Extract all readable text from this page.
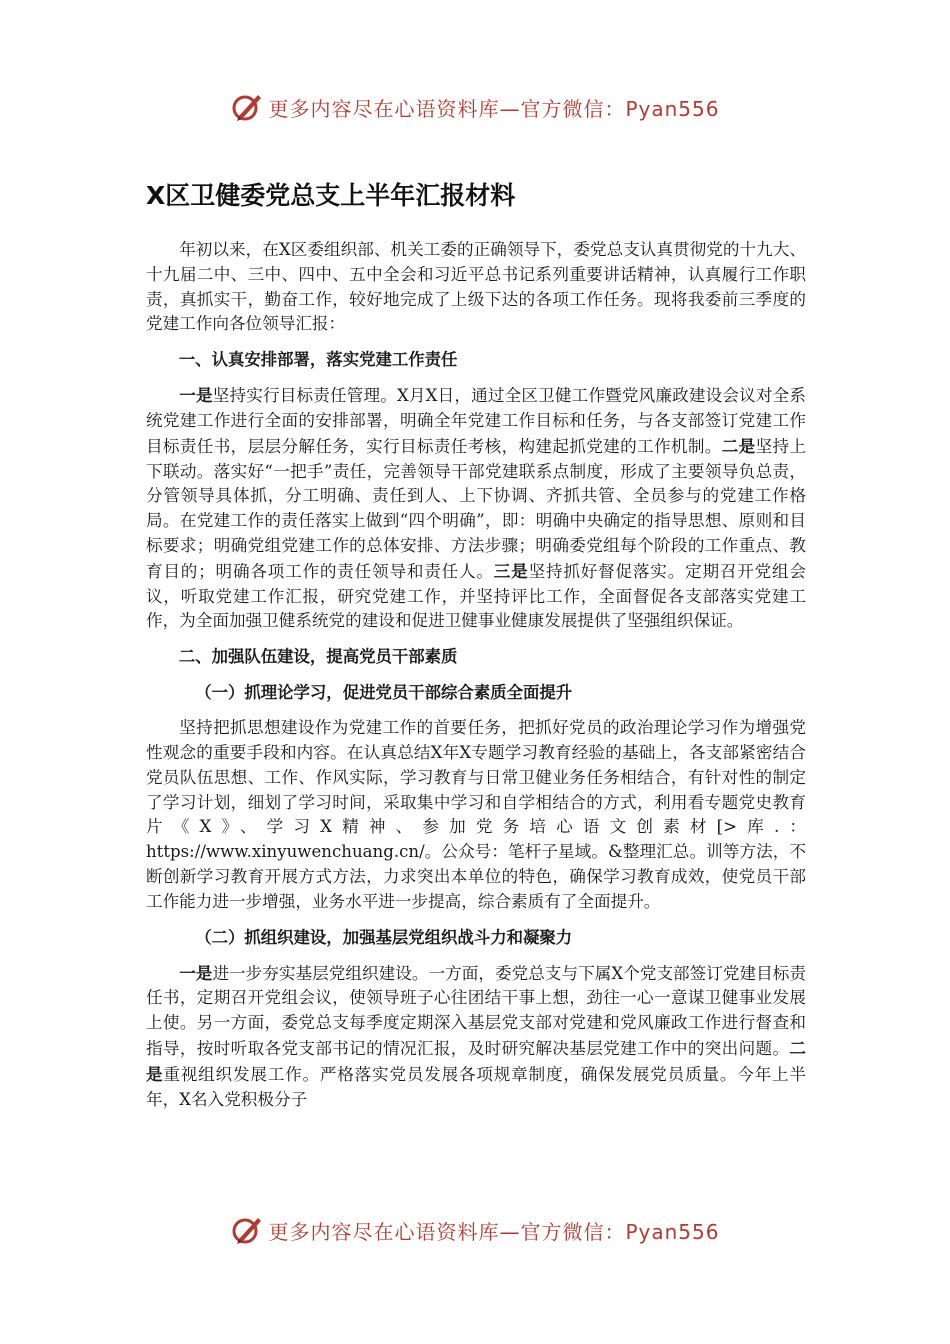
更多内容尽在心语资料库—官方微信：Pyan556
X区卫健委党总支上半年汇报材料

年初以来，在X区委组织部、机关工委的正确领导下，委党总支认真贯彻党的十九大、十九届二中、三中、四中、五中全会和习近平总书记系列重要讲话精神，认真履行工作职责，真抓实干，勤奋工作，较好地完成了上级下达的各项工作任务。现将我委前三季度的党建工作向各位领导汇报：

一、认真安排部署，落实党建工作责任

一是坚持实行目标责任管理。X月X日，通过全区卫健工作暨党风廉政建设会议对全系统党建工作进行全面的安排部署，明确全年党建工作目标和任务，与各支部签订党建工作目标责任书，层层分解任务，实行目标责任考核，构建起抓党建的工作机制。二是坚持上下联动。落实好“一把手”责任，完善领导干部党建联系点制度，形成了主要领导负总责，分管领导具体抓，分工明确、责任到人、上下协调、齐抓共管、全员参与的党建工作格局。在党建工作的责任落实上做到“四个明确”，即：明确中央确定的指导思想、原则和目标要求；明确党组党建工作的总体安排、方法步骤；明确委党组每个阶段的工作重点、教育目的；明确各项工作的责任领导和责任人。三是坚持抓好督促落实。定期召开党组会议，听取党建工作汇报，研究党建工作，并坚持评比工作，全面督促各支部落实党建工作，为全面加强卫健系统党的建设和促进卫健事业健康发展提供了坚强组织保证。

二、加强队伍建设，提高党员干部素质

（一）抓理论学习，促进党员干部综合素质全面提升

坚持把抓思想建设作为党建工作的首要任务，把抓好党员的政治理论学习作为增强党性观念的重要手段和内容。在认真总结X年X专题学习教育经验的基础上，各支部紧密结合党员队伍思想、工作、作风实际，学习教育与日常卫健业务任务相结合，有针对性的制定了学习计划，细划了学习时间，采取集中学习和自学相结合的方式，利用看专题党史教育片《X》、学习X精神、参加党务培心语文创素材[>库.：https://www.xinyuwenchuang.cn/。公众号：笔杆子星域。&整理汇总。训等方法，不断创新学习教育开展方式方法，力求突出本单位的特色，确保学习教育成效，使党员干部工作能力进一步增强，业务水平进一步提高，综合素质有了全面提升。

（二）抓组织建设，加强基层党组织战斗力和凝聚力

一是进一步夯实基层党组织建设。一方面，委党总支与下属X个党支部签订党建目标责任书，定期召开党组会议，使领导班子心往团结干事上想，劲往一心一意谋卫健事业发展上使。另一方面，委党总支每季度定期深入基层党支部对党建和党风廉政工作进行督查和指导，按时听取各党支部书记的情况汇报，及时研究解决基层党建工作中的突出问题。二是重视组织发展工作。严格落实党员发展各项规章制度，确保发展党员质量。今年上半年，X名入党积极分子

更多内容尽在心语资料库—官方微信：Pyan556
